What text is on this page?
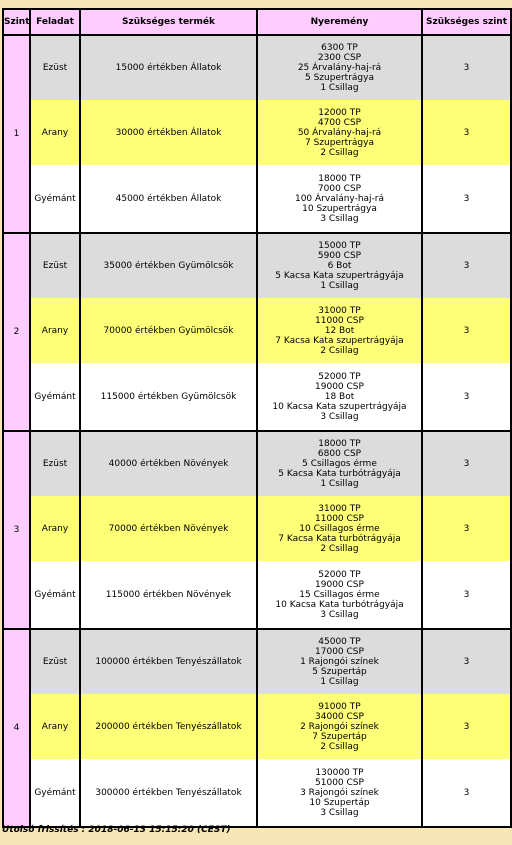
Szint	Feladat	Szükséges termék	Nyeremény	Szükséges szint
1	Ezüst	15000 értékben Állatok	6300 TP
2300 CSP
25 Árvalány-haj-rá
5 Szupertrágya
1 Csillag	3
	Arany	30000 értékben Állatok	12000 TP
4700 CSP
50 Árvalány-haj-rá
7 Szupertrágya
2 Csillag	3
	Gyémánt	45000 értékben Állatok	18000 TP
7000 CSP
100 Árvalány-haj-rá
10 Szupertrágya
3 Csillag	3
2	Ezüst	35000 értékben Gyümölcsök	15000 TP
5900 CSP
6 Bot
5 Kacsa Kata szupertrágyája
1 Csillag	3
	Arany	70000 értékben Gyümölcsök	31000 TP
11000 CSP
12 Bot
7 Kacsa Kata szupertrágyája
2 Csillag	3
	Gyémánt	115000 értékben Gyümölcsök	52000 TP
19000 CSP
18 Bot
10 Kacsa Kata szupertrágyája
3 Csillag	3
3	Ezüst	40000 értékben Növények	18000 TP
6800 CSP
5 Csillagos érme
5 Kacsa Kata turbótrágyája
1 Csillag	3
	Arany	70000 értékben Növények	31000 TP
11000 CSP
10 Csillagos érme
7 Kacsa Kata turbótrágyája
2 Csillag	3
	Gyémánt	115000 értékben Növények	52000 TP
19000 CSP
15 Csillagos érme
10 Kacsa Kata turbótrágyája
3 Csillag	3
4	Ezüst	100000 értékben Tenyészállatok	45000 TP
17000 CSP
1 Rajongói színek
5 Szupertáp
1 Csillag	3
	Arany	200000 értékben Tenyészállatok	91000 TP
34000 CSP
2 Rajongói színek
7 Szupertáp
2 Csillag	3
	Gyémánt	300000 értékben Tenyészállatok	130000 TP
51000 CSP
3 Rajongói színek
10 Szupertáp
3 Csillag	3
Utolsó frissítés : 2018-06-13 15:15:20 (CEST)
